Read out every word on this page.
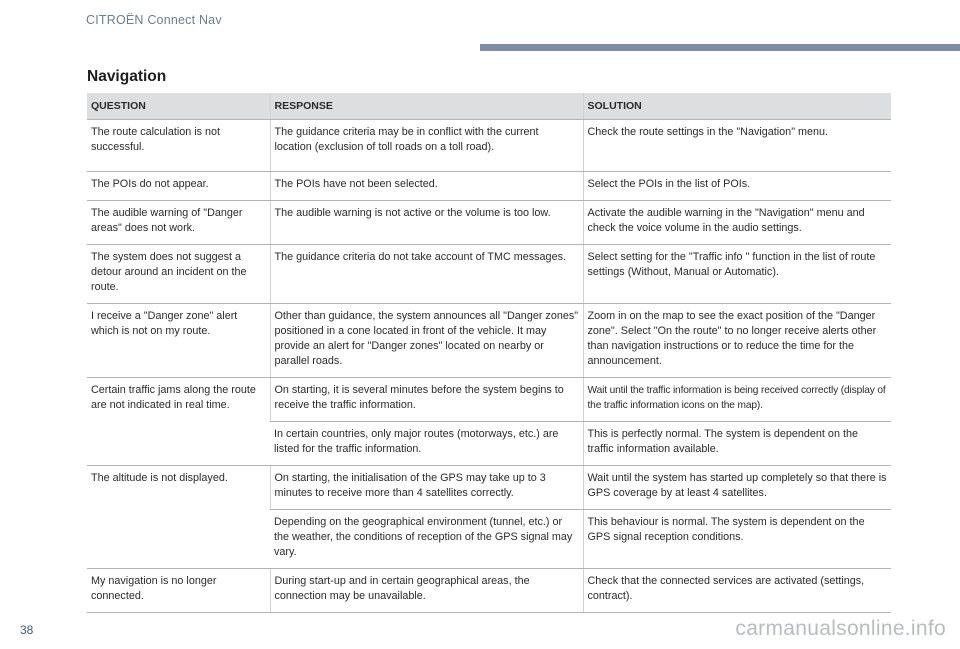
CITROËN Connect Nav
Navigation
QUESTION	RESPONSE	SOLUTION
The route calculation is not successful.	The guidance criteria may be in conflict with the current location (exclusion of toll roads on a toll road).	Check the route settings in the "Navigation" menu.
The POIs do not appear.	The POIs have not been selected.	Select the POIs in the list of POIs.
The audible warning of "Danger areas" does not work.	The audible warning is not active or the volume is too low.	Activate the audible warning in the "Navigation" menu and check the voice volume in the audio settings.
The system does not suggest a detour around an incident on the route.	The guidance criteria do not take account of TMC messages.	Select setting for the "Traffic info " function in the list of route settings (Without, Manual or Automatic).
I receive a "Danger zone" alert which is not on my route.	Other than guidance, the system announces all "Danger zones" positioned in a cone located in front of the vehicle. It may provide an alert for "Danger zones" located on nearby or parallel roads.	Zoom in on the map to see the exact position of the "Danger zone". Select "On the route" to no longer receive alerts other than navigation instructions or to reduce the time for the announcement.
Certain traffic jams along the route are not indicated in real time.	On starting, it is several minutes before the system begins to receive the traffic information.	Wait until the traffic information is being received correctly (display of the traffic information icons on the map).
	In certain countries, only major routes (motorways, etc.) are listed for the traffic information.	This is perfectly normal. The system is dependent on the traffic information available.
The altitude is not displayed.	On starting, the initialisation of the GPS may take up to 3 minutes to receive more than 4 satellites correctly.	Wait until the system has started up completely so that there is GPS coverage by at least 4 satellites.
	Depending on the geographical environment (tunnel, etc.) or the weather, the conditions of reception of the GPS signal may vary.	This behaviour is normal. The system is dependent on the GPS signal reception conditions.
My navigation is no longer connected.	During start-up and in certain geographical areas, the connection may be unavailable.	Check that the connected services are activated (settings, contract).
38	carmanualsonline.info
